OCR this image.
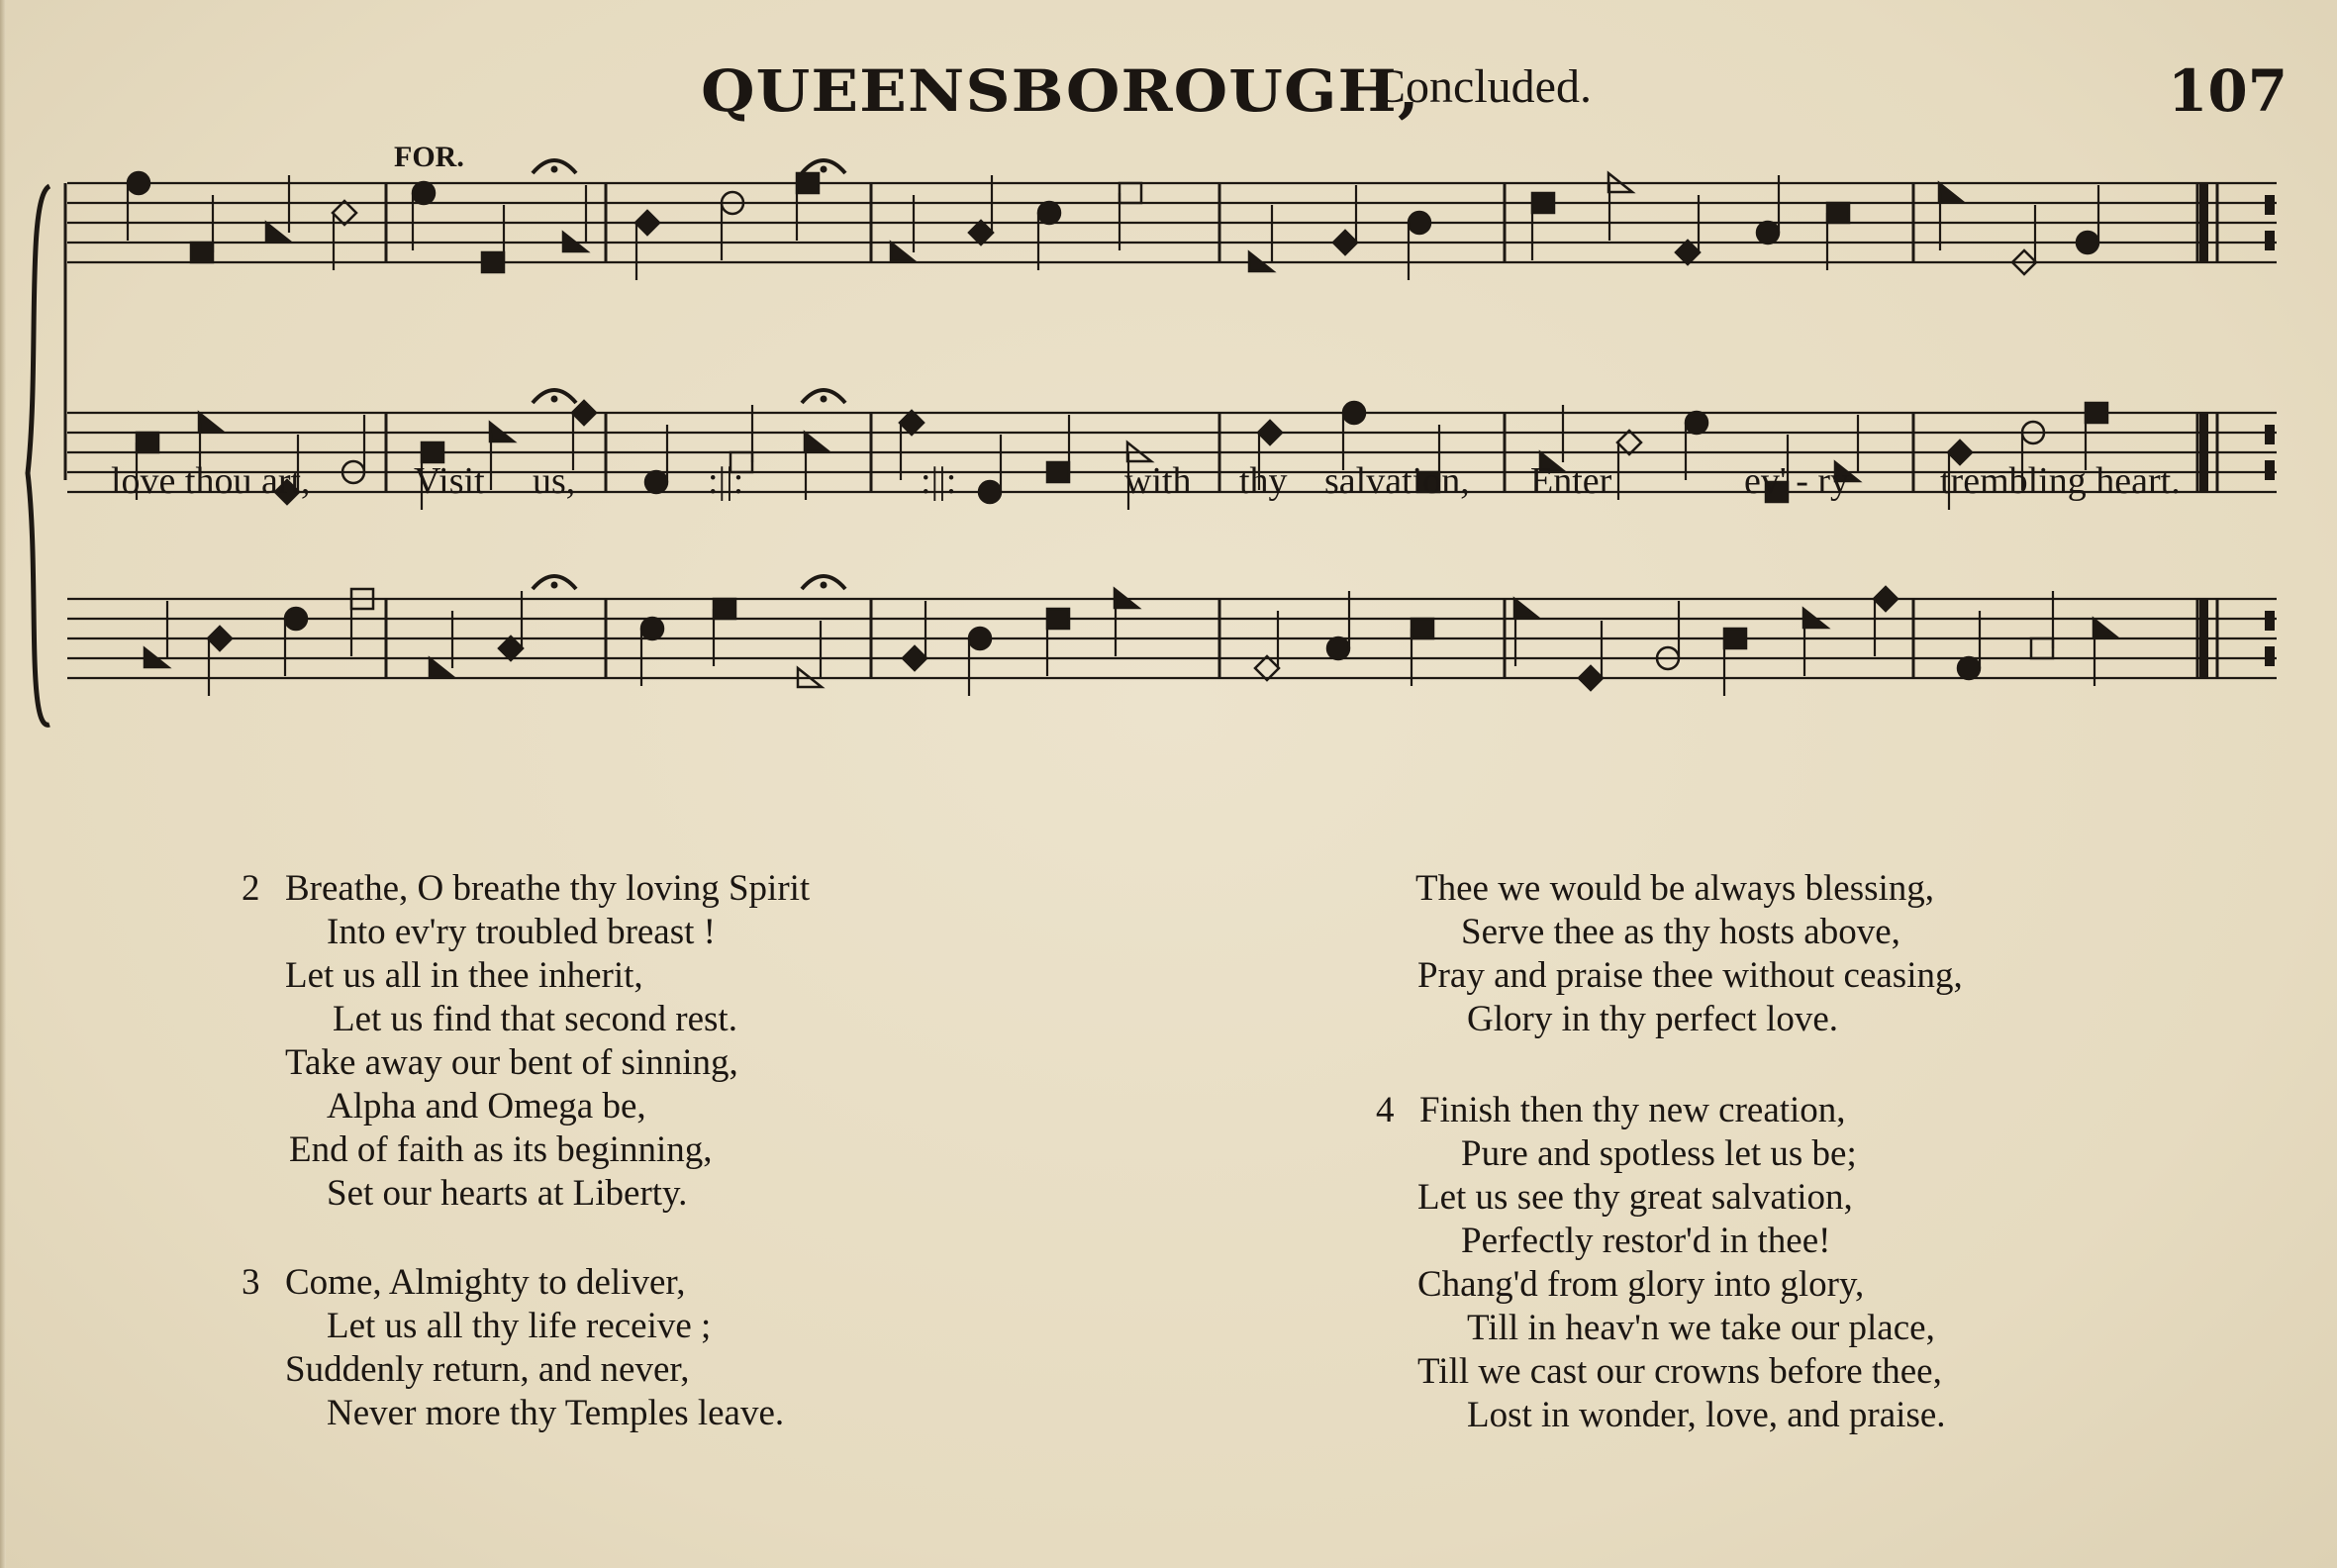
QUEENSBOROUGH,
Concluded.	107
FOR.
love thou art,	Visit us,	:||:	:||:	with thy salvation, Enter	ev' - ry trembling heart.
2 Breathe, O breathe thy loving Spirit
Into ev'ry troubled breast !
Let us all in thee inherit,
Let us find that second rest.
Take away our bent of sinning,
Alpha and Omega be,
End of faith as its beginning,
Set our hearts at Liberty.
3 Come, Almighty to deliver,
Let us all thy life receive ;
Suddenly return, and never,
Never more thy Temples leave.
Thee we would be always blessing,
Serve thee as thy hosts above,
Pray and praise thee without ceasing,
Glory in thy perfect love.
4 Finish then thy new creation,
Pure and spotless let us be;
Let us see thy great salvation,
Perfectly restor'd in thee!
Chang'd from glory into glory,
Till in heav'n we take our place,
Till we cast our crowns before thee,
Lost in wonder, love, and praise.
